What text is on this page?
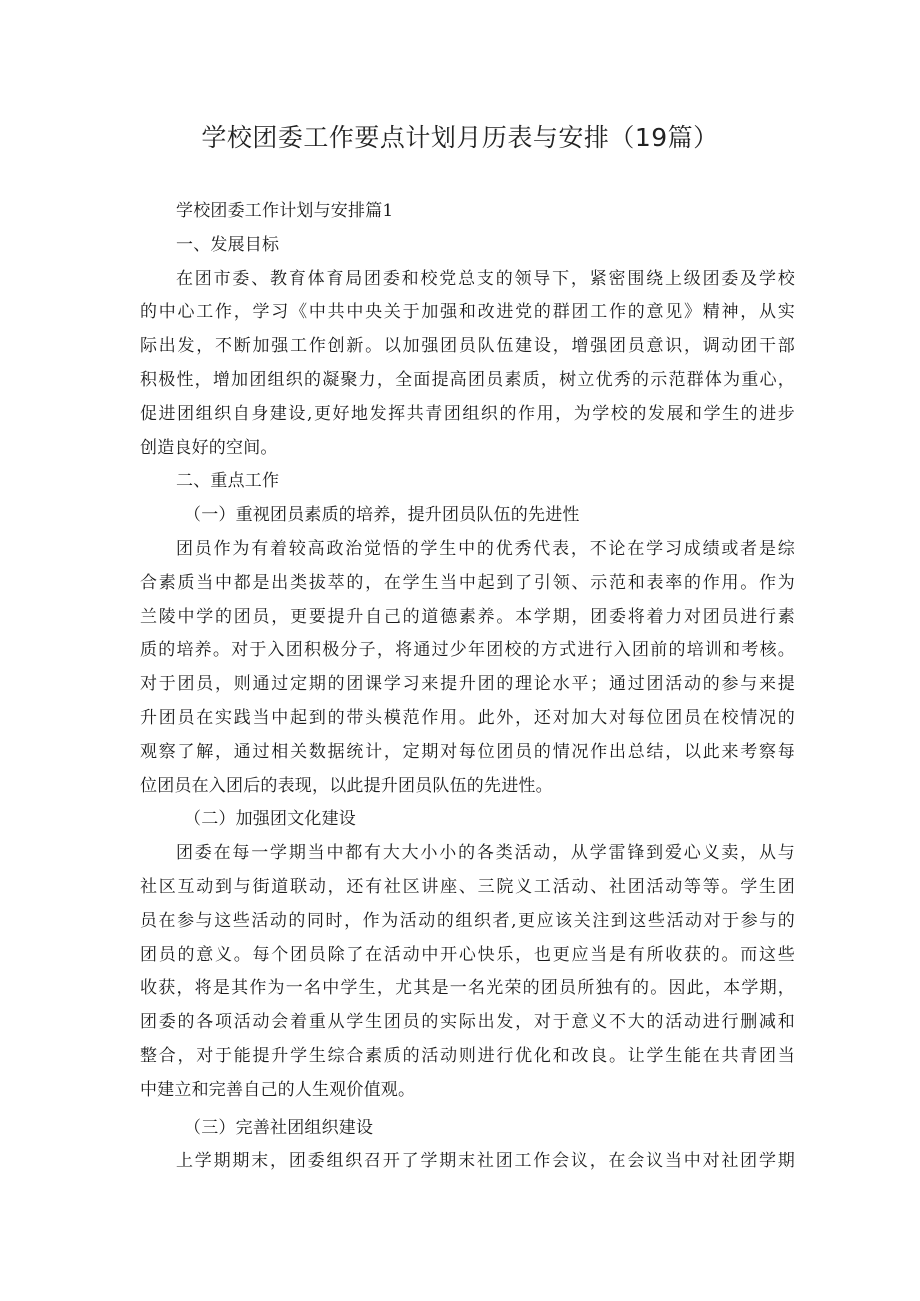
学校团委工作要点计划月历表与安排（19篇）

学校团委工作计划与安排篇1

一、发展目标

在团市委、教育体育局团委和校党总支的领导下，紧密围绕上级团委及学校

的中心工作，学习《中共中央关于加强和改进党的群团工作的意见》精神，从实

际出发，不断加强工作创新。以加强团员队伍建设，增强团员意识，调动团干部

积极性，增加团组织的凝聚力，全面提高团员素质，树立优秀的示范群体为重心，

促进团组织自身建设,更好地发挥共青团组织的作用，为学校的发展和学生的进步

创造良好的空间。

二、重点工作

（一）重视团员素质的培养，提升团员队伍的先进性

团员作为有着较高政治觉悟的学生中的优秀代表，不论在学习成绩或者是综

合素质当中都是出类拔萃的，在学生当中起到了引领、示范和表率的作用。作为

兰陵中学的团员，更要提升自己的道德素养。本学期，团委将着力对团员进行素

质的培养。对于入团积极分子，将通过少年团校的方式进行入团前的培训和考核。

对于团员，则通过定期的团课学习来提升团的理论水平；通过团活动的参与来提

升团员在实践当中起到的带头模范作用。此外，还对加大对每位团员在校情况的

观察了解，通过相关数据统计，定期对每位团员的情况作出总结，以此来考察每

位团员在入团后的表现，以此提升团员队伍的先进性。

（二）加强团文化建设

团委在每一学期当中都有大大小小的各类活动，从学雷锋到爱心义卖，从与

社区互动到与街道联动，还有社区讲座、三院义工活动、社团活动等等。学生团

员在参与这些活动的同时，作为活动的组织者,更应该关注到这些活动对于参与的

团员的意义。每个团员除了在活动中开心快乐，也更应当是有所收获的。而这些

收获，将是其作为一名中学生，尤其是一名光荣的团员所独有的。因此，本学期，

团委的各项活动会着重从学生团员的实际出发，对于意义不大的活动进行删减和

整合，对于能提升学生综合素质的活动则进行优化和改良。让学生能在共青团当

中建立和完善自己的人生观价值观。

（三）完善社团组织建设

上学期期末，团委组织召开了学期末社团工作会议，在会议当中对社团学期
